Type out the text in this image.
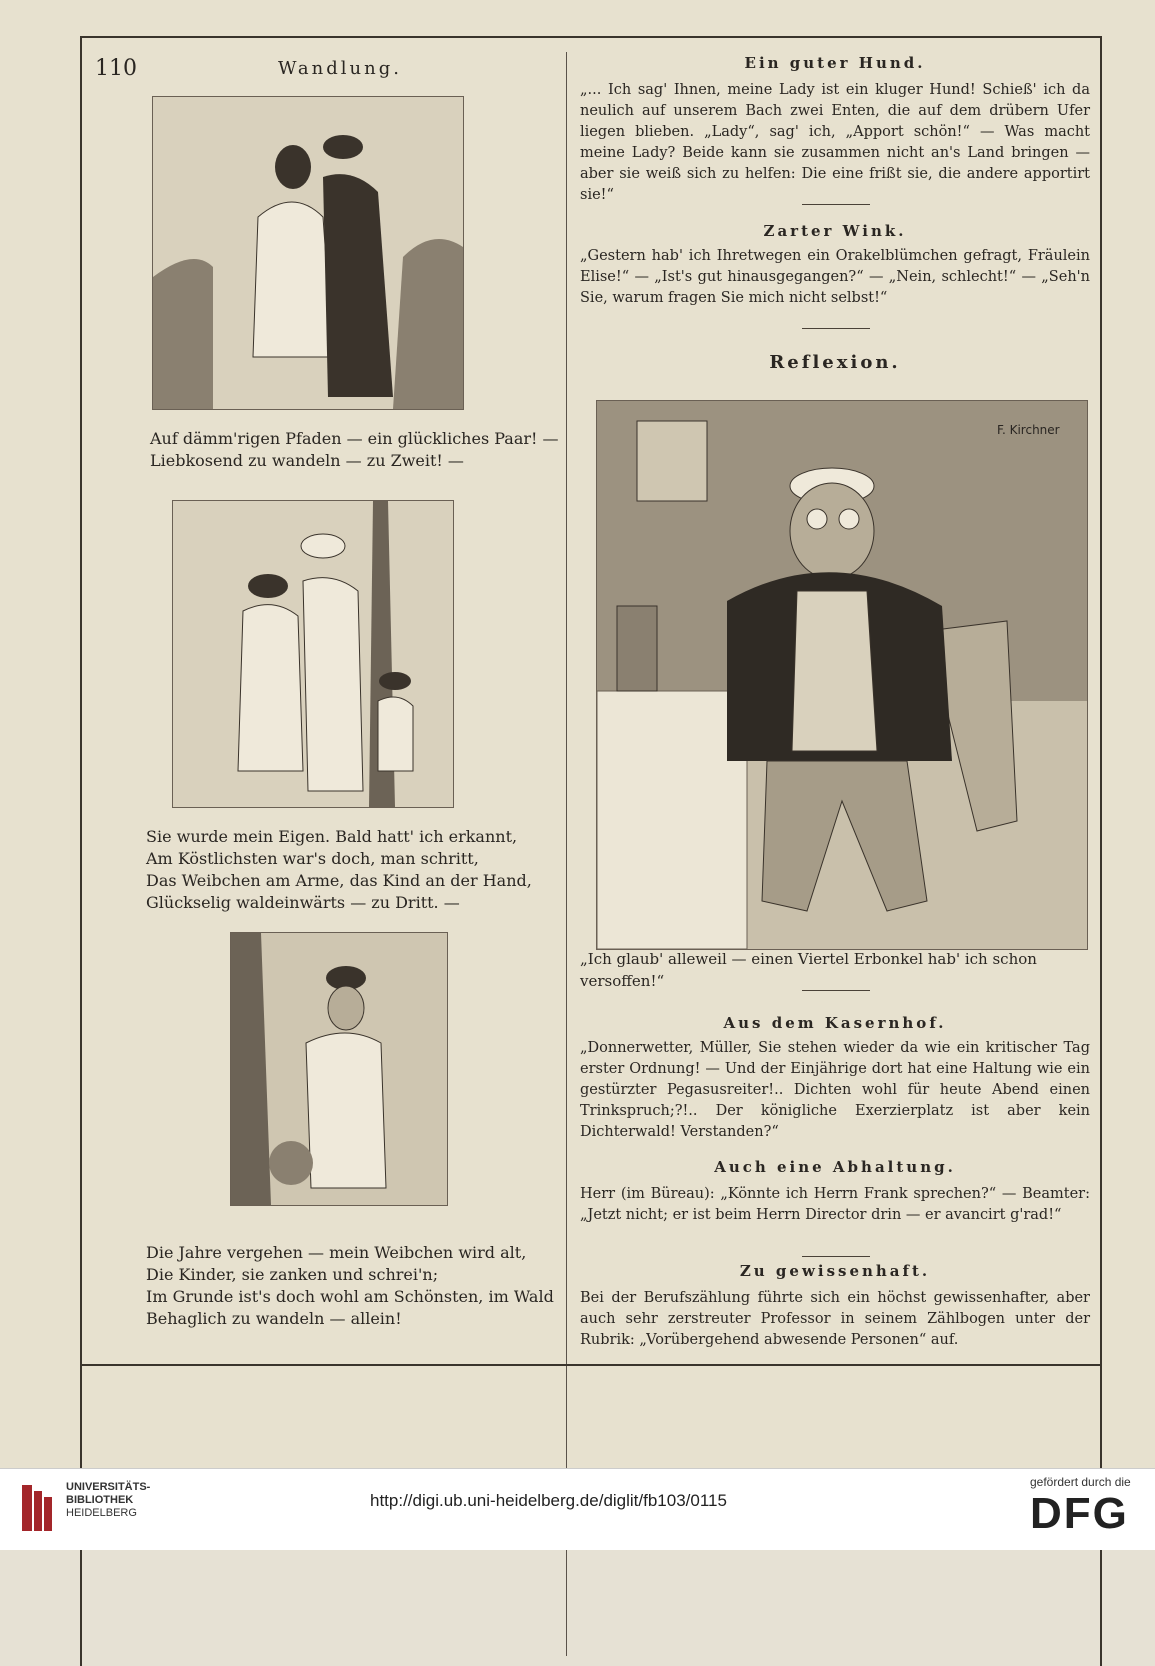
110	Wandlung.
Auf dämm'rigen Pfaden — ein glückliches Paar! —
Liebkosend zu wandeln — zu Zweit! —
Sie wurde mein Eigen. Bald hatt' ich erkannt,
Am Köstlichsten war's doch, man schritt,
Das Weibchen am Arme, das Kind an der Hand,
Glückselig waldeinwärts — zu Dritt. —
Die Jahre vergehen — mein Weibchen wird alt,
Die Kinder, sie zanken und schrei'n;
Im Grunde ist's doch wohl am Schönsten, im Wald
Behaglich zu wandeln — allein!
Ein guter Hund.
„... Ich sag' Ihnen, meine Lady ist ein kluger Hund! Schieß' ich da neulich auf unserem Bach zwei Enten, die auf dem drübern Ufer liegen blieben. „Lady“, sag' ich, „Apport schön!“ — Was macht meine Lady? Beide kann sie zusammen nicht an's Land bringen — aber sie weiß sich zu helfen: Die eine frißt sie, die andere apportirt sie!“
Zarter Wink.
„Gestern hab' ich Ihretwegen ein Orakelblümchen gefragt, Fräulein Elise!“ — „Ist's gut hinausgegangen?“ — „Nein, schlecht!“ — „Seh'n Sie, warum fragen Sie mich nicht selbst!“
Reflexion.
F. Kirchner
„Ich glaub' alleweil — einen Viertel Erbonkel hab' ich schon versoffen!“
Aus dem Kasernhof.
„Donnerwetter, Müller, Sie stehen wieder da wie ein kritischer Tag erster Ordnung! — Und der Einjährige dort hat eine Haltung wie ein gestürzter Pegasusreiter!.. Dichten wohl für heute Abend einen Trinkspruch;?!.. Der königliche Exerzierplatz ist aber kein Dichterwald! Verstanden?“
Auch eine Abhaltung.
Herr (im Büreau): „Könnte ich Herrn Frank sprechen?“ — Beamter: „Jetzt nicht; er ist beim Herrn Director drin — er avancirt g'rad!“
Zu gewissenhaft.
Bei der Berufszählung führte sich ein höchst gewissenhafter, aber auch sehr zerstreuter Professor in seinem Zählbogen unter der Rubrik: „Vorübergehend abwesende Personen“ auf.
UNIVERSITÄTS-
BIBLIOTHEK
HEIDELBERG
http://digi.ub.uni-heidelberg.de/diglit/fb103/0115
gefördert durch die
DFG
